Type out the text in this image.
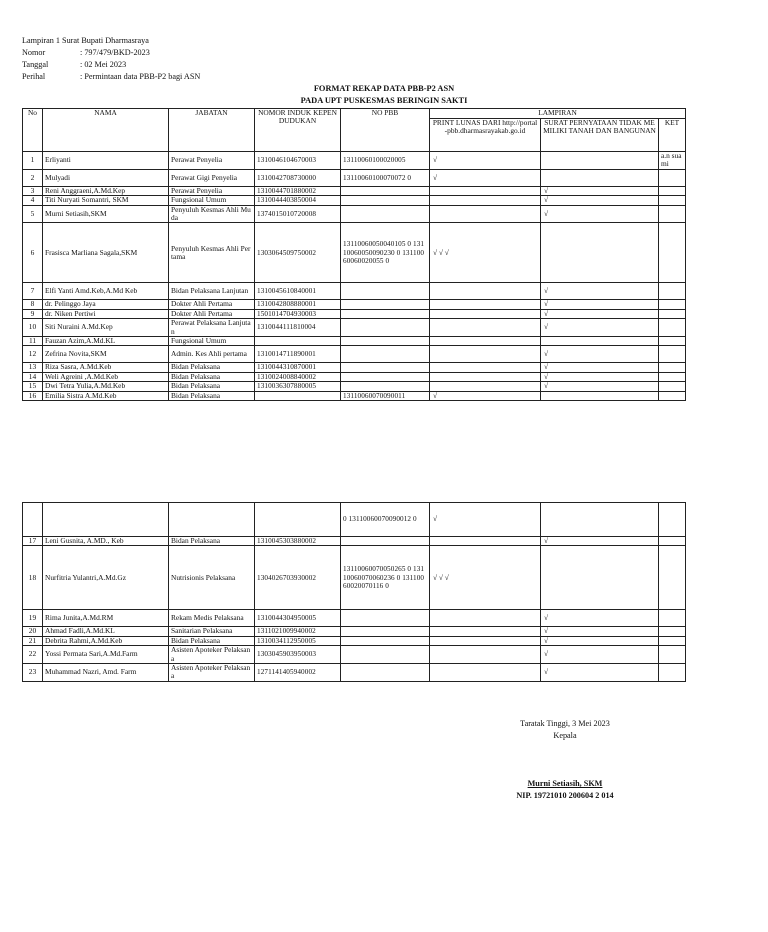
Lampiran 1 Surat Bupati Dharmasraya
Nomor	: 797/479/BKD-2023
Tanggal	: 02 Mei 2023
Perihal	: Permintaan data PBB-P2 bagi ASN
FORMAT REKAP DATA PBB-P2 ASN
PADA UPT PUSKESMAS BERINGIN SAKTI
No	NAMA	JABATAN	NOMOR INDUK KEPENDUDUKAN	NO PBB	LAMPIRAN		
					PRINT LUNAS DARI http://portal-pbb.dharmasrayakab.go.id	SURAT PERNYATAAN TIDAK MEMILIKI TANAH DAN BANGUNAN	KET
1	Erliyanti	Perawat Penyelia	1310046104670003	13110060100020005	√		a.n suami
2	Mulyadi	Perawat Gigi Penyelia	1310042708730000	13110060100070072 0	√		
3	Reni Anggraeni,A.Md.Kep	Perawat Penyelia	1310044701880002			√	
4	Titi Nuryati Somantri, SKM	Fungsional Umum	1310044403850004			√	
5	Murni Setiasih,SKM	Penyuluh Kesmas Ahli Muda	1374015010720008			√	
6	Frasisca Marliana Sagala,SKM	Penyuluh Kesmas Ahli Pertama	1303064509750002	13110060050040105 0 13110060050090230 0 13110060060020055 0	√ √ √		
7	Elfi Yanti Amd.Keb,A.Md Keb	Bidan Pelaksana Lanjutan	1310045610840001			√	
8	dr. Pelinggo Jaya	Dokter Ahli Pertama	1310042808880001			√	
9	dr. Niken Pertiwi	Dokter Ahli Pertama	1501014704930003			√	
10	Siti Nuraini A.Md.Kep	Perawat Pelaksana Lanjutan	1310044111810004			√	
11	Fauzan Azim,A.Md.KL	Fungsional Umum					
12	Zefrina Novita,SKM	Admin. Kes Ahli pertama	1310014711890001			√	
13	Riza Sasra, A.Md.Keb	Bidan Pelaksana	1310044310870001			√	
14	Weli Agreini ,A.Md.Keb	Bidan Pelaksana	1310024008840002			√	
15	Dwi Tetra Yulia,A.Md.Keb	Bidan Pelaksana	1310036307880005			√	
16	Emilia Sistra A.Md.Keb	Bidan Pelaksana		13110060070090011	√		
				0 13110060070090012 0	√		
17	Leni Gusnita, A.MD., Keb	Bidan Pelaksana	1310045303880002			√	
18	Nurfitria Yulantri,A.Md.Gz	Nutrisionis Pelaksana	1304026703930002	13110060070050265 0 13110060070060236 0 13110060020070116 0	√ √ √		
19	Rima Junita,A.Md.RM	Rekam Medis Pelaksana	1310044304950005			√	
20	Ahmad Fadli,A.Md.KL	Sanitarian Pelaksana	1311021009940002			√	
21	Debrita Rahmi,A.Md.Keb	Bidan Pelaksana	1310034112950005			√	
22	Yossi Permata Sari,A.Md.Farm	Asisten Apoteker Pelaksana	1303045903950003			√	
23	Muhammad Nazri, Amd. Farm	Asisten Apoteker Pelaksana	1271141405940002			√	
Taratak Tinggi, 3 Mei 2023
Kepala
Murni Setiasih, SKM
NIP. 19721010 200604 2 014
